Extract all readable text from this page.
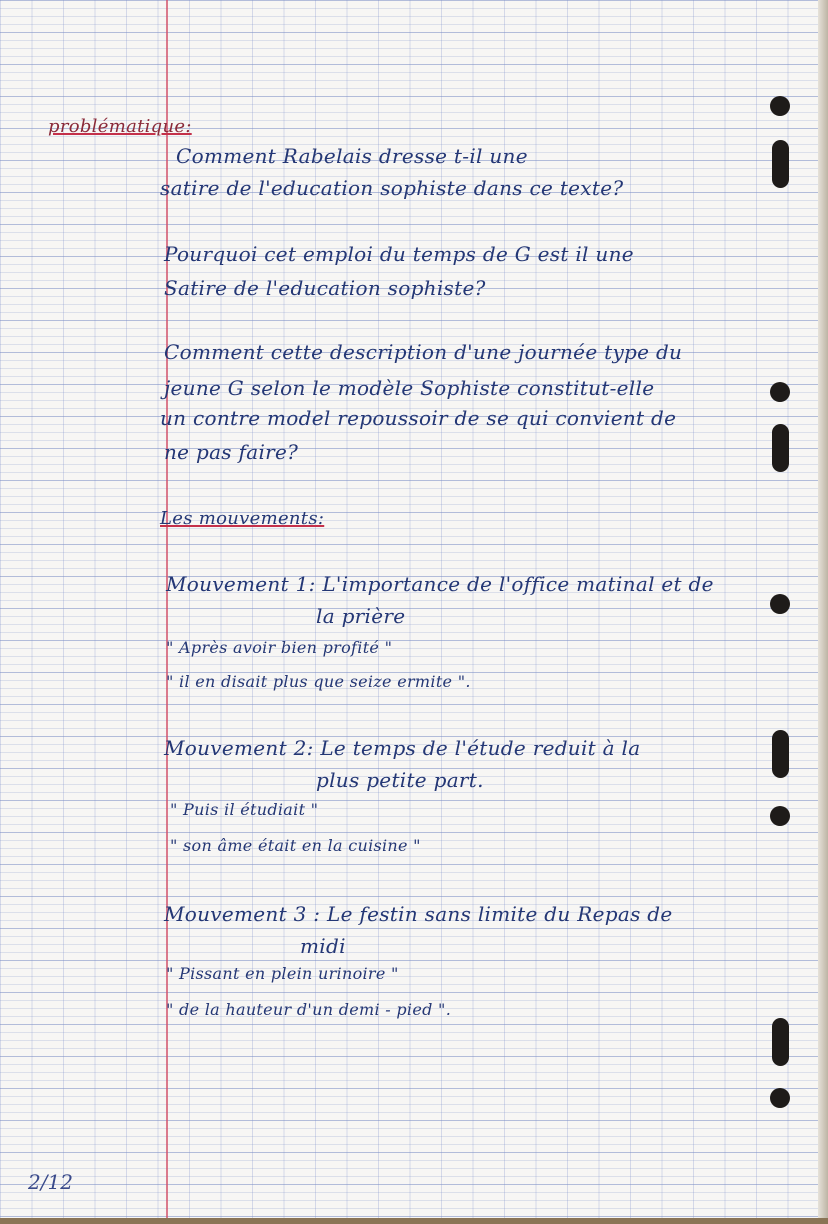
problématique:
Comment Rabelais dresse t-il une
satire de l'education sophiste dans ce texte?
Pourquoi cet emploi du temps de G est il une
Satire de l'education sophiste?
Comment cette description d'une journée type du
jeune G selon le modèle Sophiste constitut-elle
un contre model repoussoir de se qui convient de
ne pas faire?
Les mouvements:
Mouvement 1: L'importance de l'office matinal et de
la prière
" Après avoir bien profité "
" il en disait plus que seize ermite ".
Mouvement 2: Le temps de l'étude reduit à la
plus petite part.
" Puis il étudiait "
" son âme était en la cuisine "
Mouvement 3 : Le festin sans limite du Repas de
midi
" Pissant en plein urinoire "
" de la hauteur d'un demi - pied ".
2/12
